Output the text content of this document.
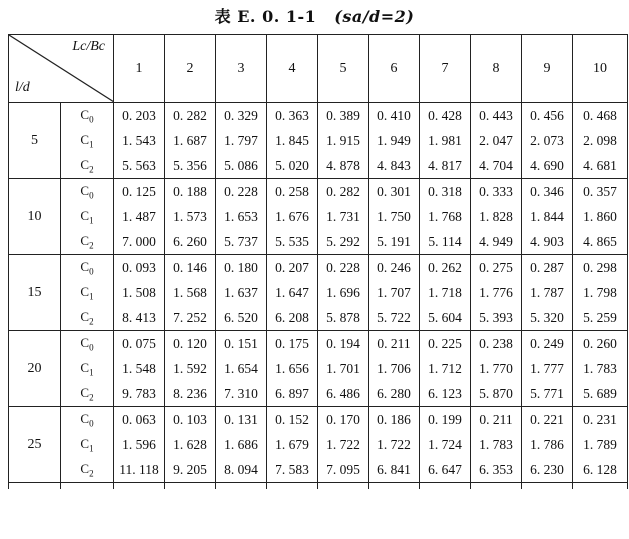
表 E. 0. 1-1 (sa/d=2)
Lc/Bc
l/d		1	2	3	4	5	6	7	8	9	10
5	$C_0$	0. 203	0. 282	0. 329	0. 363	0. 389	0. 410	0. 428	0. 443	0. 456	0. 468
	$C_1$	1. 543	1. 687	1. 797	1. 845	1. 915	1. 949	1. 981	2. 047	2. 073	2. 098
	$C_2$	5. 563	5. 356	5. 086	5. 020	4. 878	4. 843	4. 817	4. 704	4. 690	4. 681
10	$C_0$	0. 125	0. 188	0. 228	0. 258	0. 282	0. 301	0. 318	0. 333	0. 346	0. 357
	$C_1$	1. 487	1. 573	1. 653	1. 676	1. 731	1. 750	1. 768	1. 828	1. 844	1. 860
	$C_2$	7. 000	6. 260	5. 737	5. 535	5. 292	5. 191	5. 114	4. 949	4. 903	4. 865
15	$C_0$	0. 093	0. 146	0. 180	0. 207	0. 228	0. 246	0. 262	0. 275	0. 287	0. 298
	$C_1$	1. 508	1. 568	1. 637	1. 647	1. 696	1. 707	1. 718	1. 776	1. 787	1. 798
	$C_2$	8. 413	7. 252	6. 520	6. 208	5. 878	5. 722	5. 604	5. 393	5. 320	5. 259
20	$C_0$	0. 075	0. 120	0. 151	0. 175	0. 194	0. 211	0. 225	0. 238	0. 249	0. 260
	$C_1$	1. 548	1. 592	1. 654	1. 656	1. 701	1. 706	1. 712	1. 770	1. 777	1. 783
	$C_2$	9. 783	8. 236	7. 310	6. 897	6. 486	6. 280	6. 123	5. 870	5. 771	5. 689
25	$C_0$	0. 063	0. 103	0. 131	0. 152	0. 170	0. 186	0. 199	0. 211	0. 221	0. 231
	$C_1$	1. 596	1. 628	1. 686	1. 679	1. 722	1. 722	1. 724	1. 783	1. 786	1. 789
	$C_2$	11. 118	9. 205	8. 094	7. 583	7. 095	6. 841	6. 647	6. 353	6. 230	6. 128
